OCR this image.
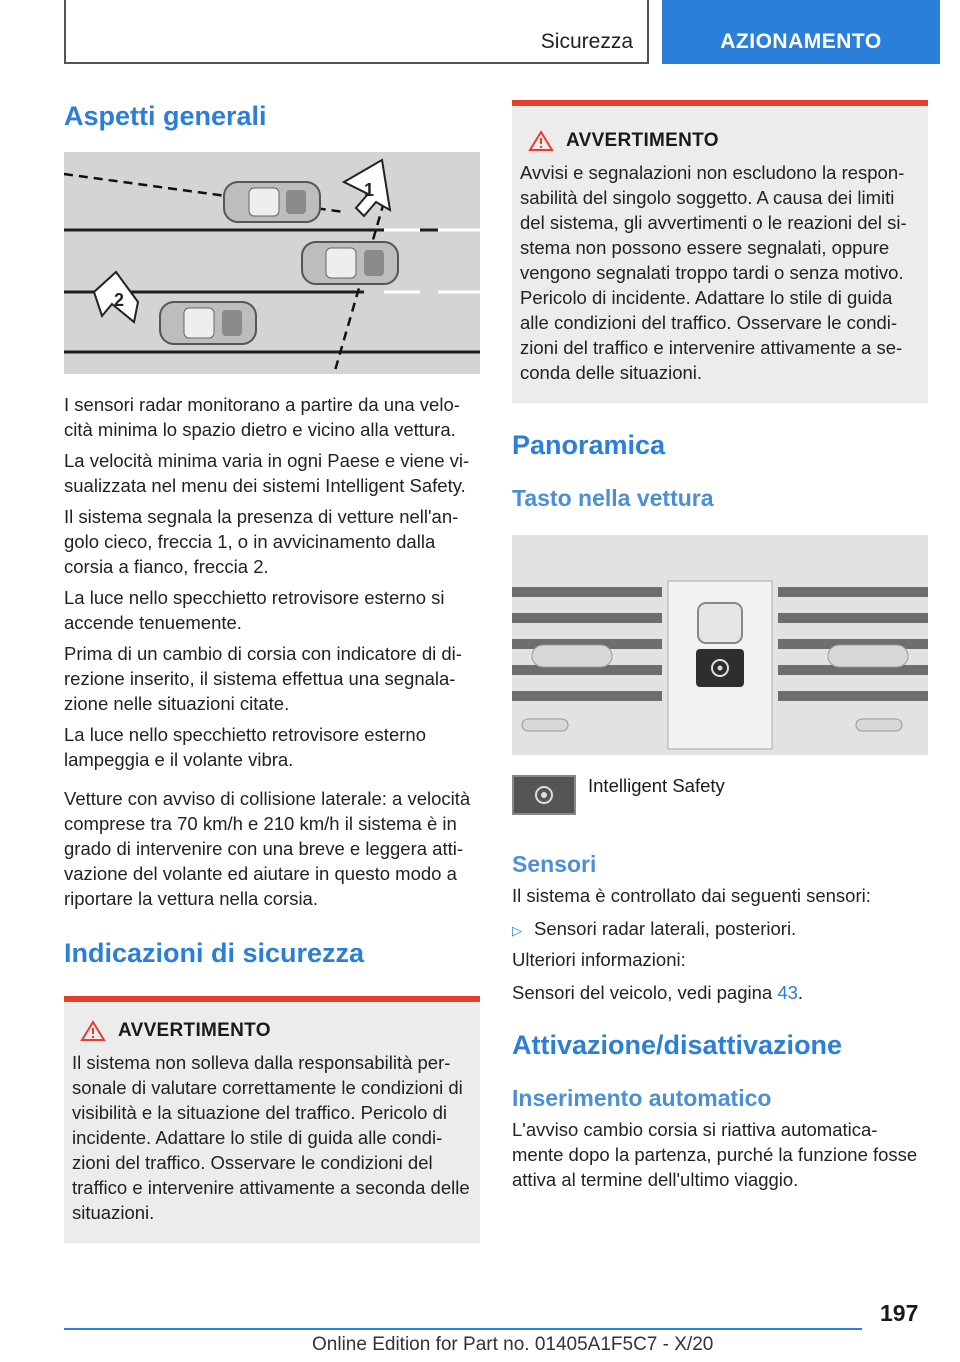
Sicurezza	AZIONAMENTO
Aspetti generali
1
2

I sensori radar monitorano a partire da una velo-cità minima lo spazio dietro e vicino alla vettura.

La velocità minima varia in ogni Paese e viene vi-sualizzata nel menu dei sistemi Intelligent Safety.

Il sistema segnala la presenza di vetture nell'an-golo cieco, freccia 1, o in avvicinamento dalla corsia a fianco, freccia 2.

La luce nello specchietto retrovisore esterno si accende tenuemente.

Prima di un cambio di corsia con indicatore di di-rezione inserito, il sistema effettua una segnala-zione nelle situazioni citate.

La luce nello specchietto retrovisore esterno lampeggia e il volante vibra.

Vetture con avviso di collisione laterale: a velocità comprese tra 70 km/h e 210 km/h il sistema è in grado di intervenire con una breve e leggera atti-vazione del volante ed aiutare in questo modo a riportare la vettura nella corsia.

Indicazioni di sicurezza
AVVERTIMENTO

Il sistema non solleva dalla responsabilità per-sonale di valutare correttamente le condizioni di visibilità e la situazione del traffico. Pericolo di incidente. Adattare lo stile di guida alle condi-zioni del traffico. Osservare le condizioni del traffico e intervenire attivamente a seconda delle situazioni.

AVVERTIMENTO

Avvisi e segnalazioni non escludono la respon-sabilità del singolo soggetto. A causa dei limiti del sistema, gli avvertimenti o le reazioni del si-stema non possono essere segnalati, oppure vengono segnalati troppo tardi o senza motivo. Pericolo di incidente. Adattare lo stile di guida alle condizioni del traffico. Osservare le condi-zioni del traffico e intervenire attivamente a se-conda delle situazioni.

Panoramica
Tasto nella vettura
Intelligent Safety
Sensori

Il sistema è controllato dai seguenti sensori:

▷ Sensori radar laterali, posteriori.

Ulteriori informazioni:

Sensori del veicolo, vedi pagina 43.

Attivazione/disattivazione
Inserimento automatico

L'avviso cambio corsia si riattiva automatica-mente dopo la partenza, purché la funzione fosse attiva al termine dell'ultimo viaggio.

197
Online Edition for Part no. 01405A1F5C7 - X/20
